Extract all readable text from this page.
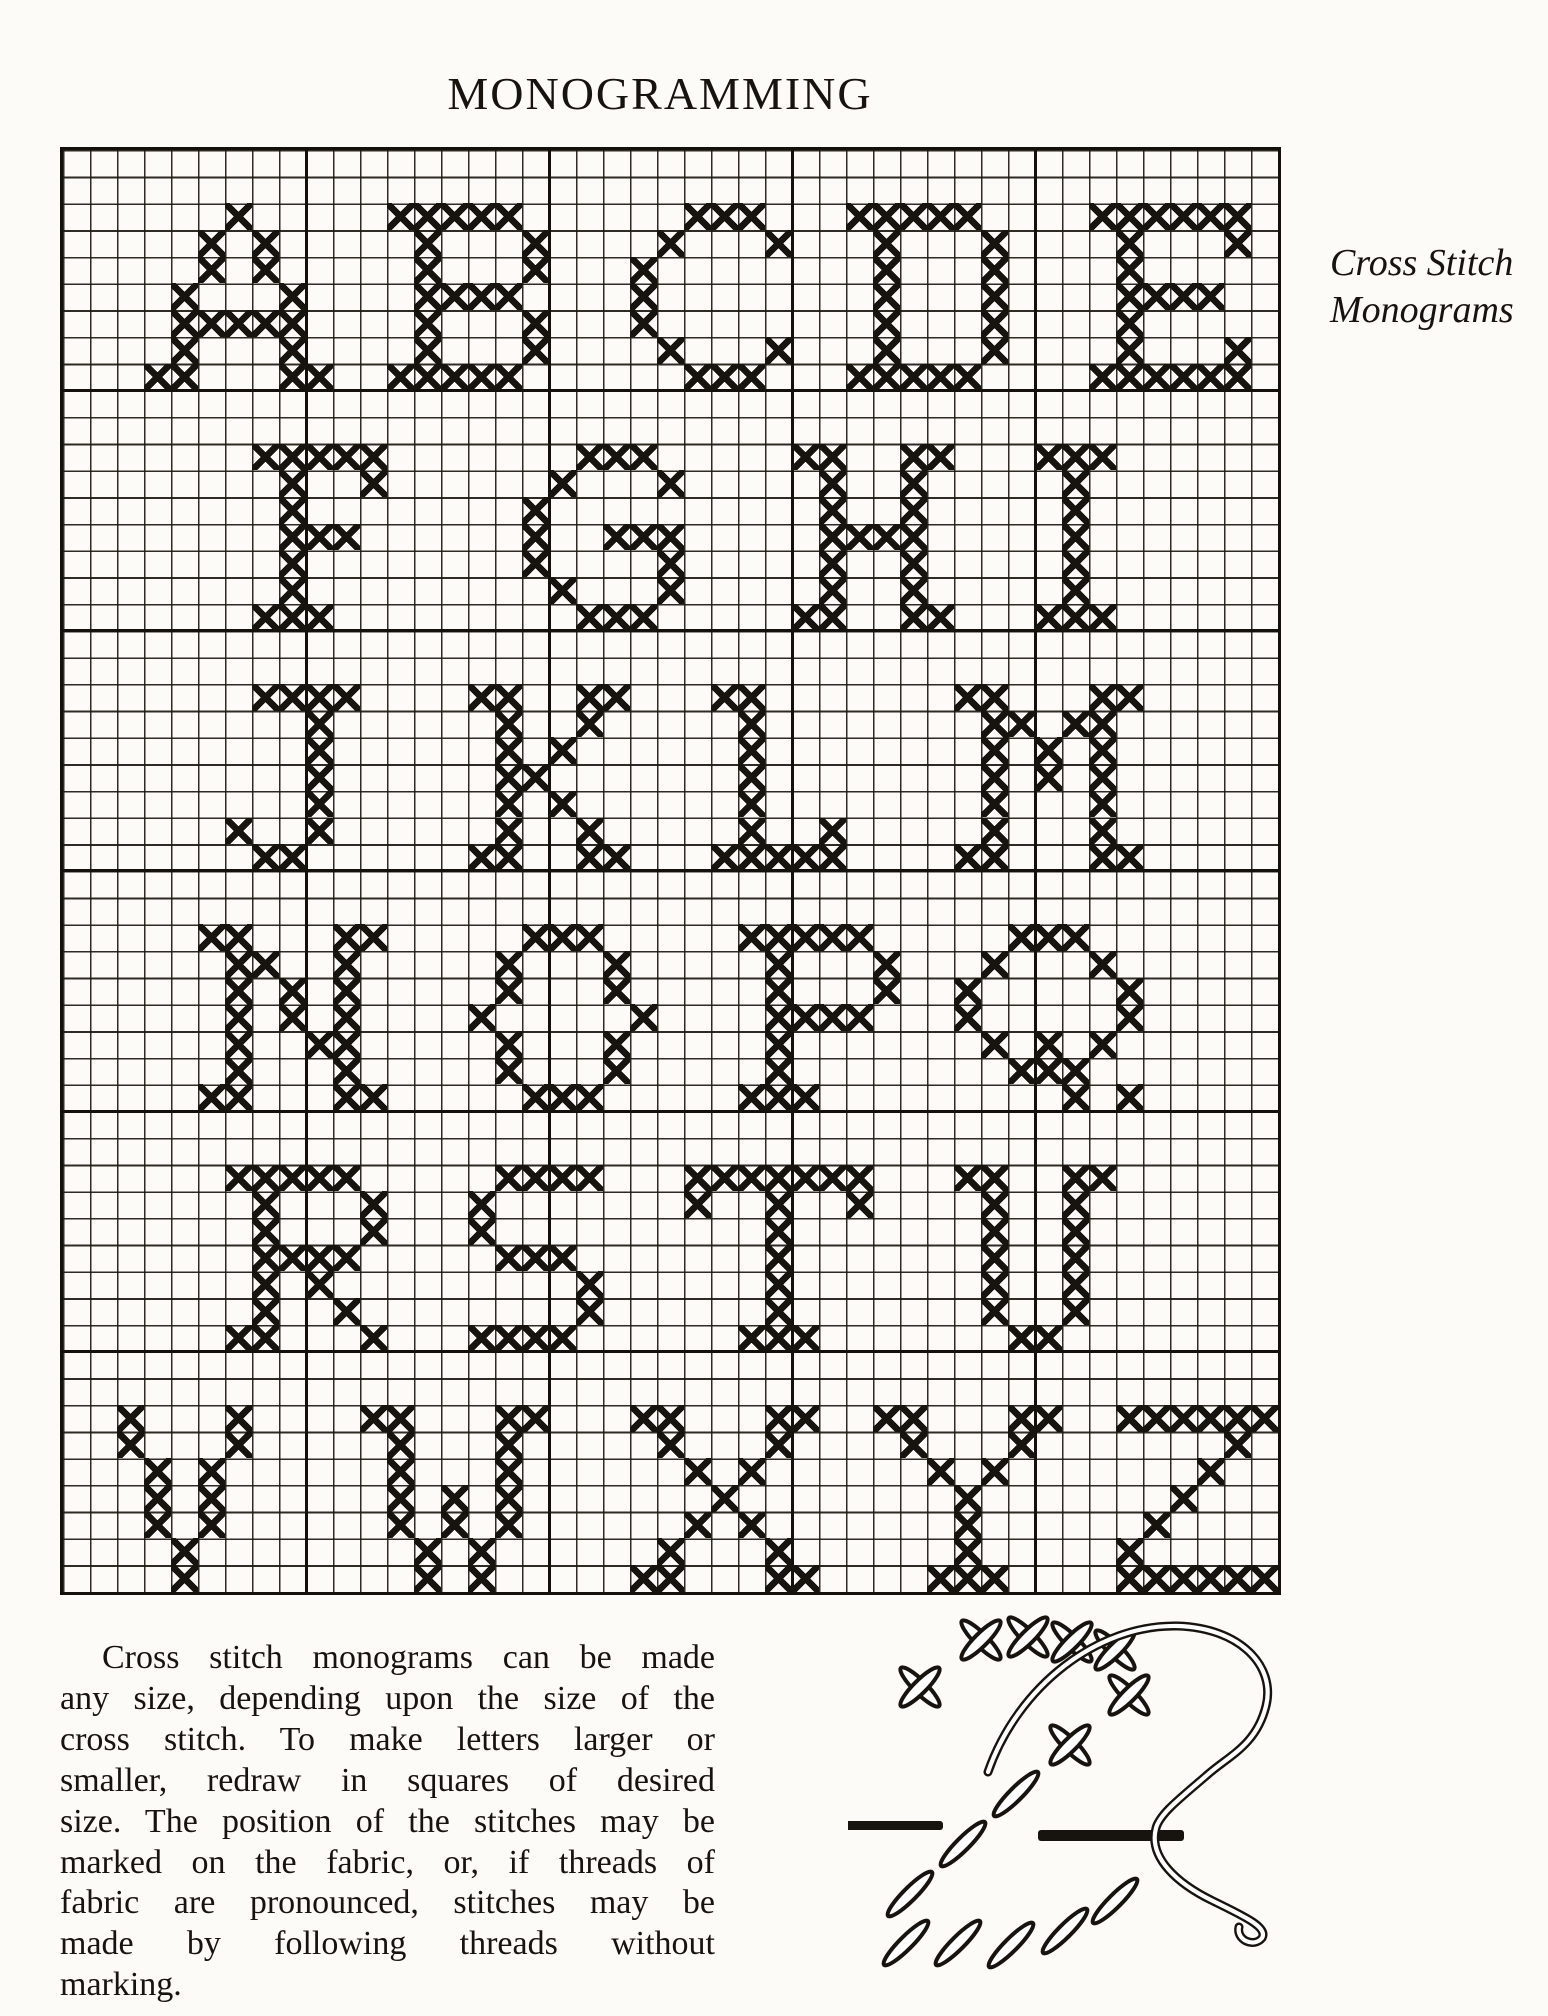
MONOGRAMMING
Cross Stitch
Monograms
Cross stitch monograms can be made
any size, depending upon the size of the
cross stitch. To make letters larger or
smaller, redraw in squares of desired
size. The position of the stitches may be
marked on the fabric, or, if threads of
fabric are pronounced, stitches may be
made by following threads without
marking.
